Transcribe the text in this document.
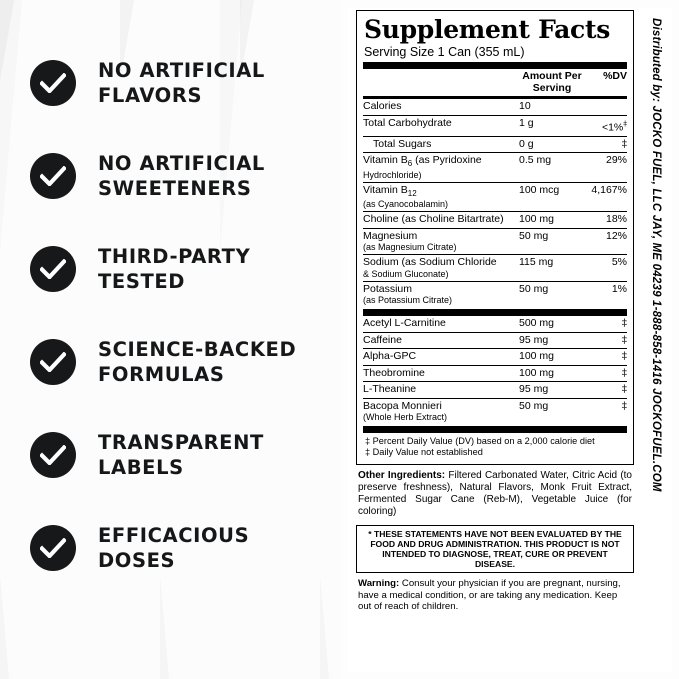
NO ARTIFICIAL FLAVORS
NO ARTIFICIAL SWEETENERS
THIRD-PARTY TESTED
SCIENCE-BACKED FORMULAS
TRANSPARENT LABELS
EFFICACIOUS DOSES
Supplement Facts
Serving Size 1 Can (355 mL)
	Amount Per Serving	%DV
Calories	10	
Total Carbohydrate	1 g	<1%‡
Total Sugars	0 g	‡
Vitamin $B_6$ (as Pyridoxine
Hydrochloride)	0.5 mg	29%
Vitamin $B_{12}$
(as Cyanocobalamin)	100 mcg	4,167%
Choline (as Choline Bitartrate)	100 mg	18%
Magnesium
(as Magnesium Citrate)	50 mg	12%
Sodium (as Sodium Chloride
& Sodium Gluconate)	115 mg	5%
Potassium
(as Potassium Citrate)	50 mg	1%
Acetyl L-Carnitine	500 mg	‡
Caffeine	95 mg	‡
Alpha-GPC	100 mg	‡
Theobromine	100 mg	‡
L-Theanine	95 mg	‡
Bacopa Monnieri
(Whole Herb Extract)	50 mg	‡
‡ Percent Daily Value (DV) based on a 2,000 calorie diet
‡ Daily Value not established
Other Ingredients: Filtered Carbonated Water, Citric Acid (to preserve freshness), Natural Flavors, Monk Fruit Extract, Fermented Sugar Cane (Reb-M), Vegetable Juice (for coloring)
* THESE STATEMENTS HAVE NOT BEEN EVALUATED BY THE FOOD AND DRUG ADMINISTRATION. THIS PRODUCT IS NOT INTENDED TO DIAGNOSE, TREAT, CURE OR PREVENT DISEASE.
Warning: Consult your physician if you are pregnant, nursing, have a medical condition, or are taking any medication. Keep out of reach of children.
Distributed by: JOCKO FUEL, LLC JAY, ME 04239 1-888-858-1416 JOCKOFUEL.COM
